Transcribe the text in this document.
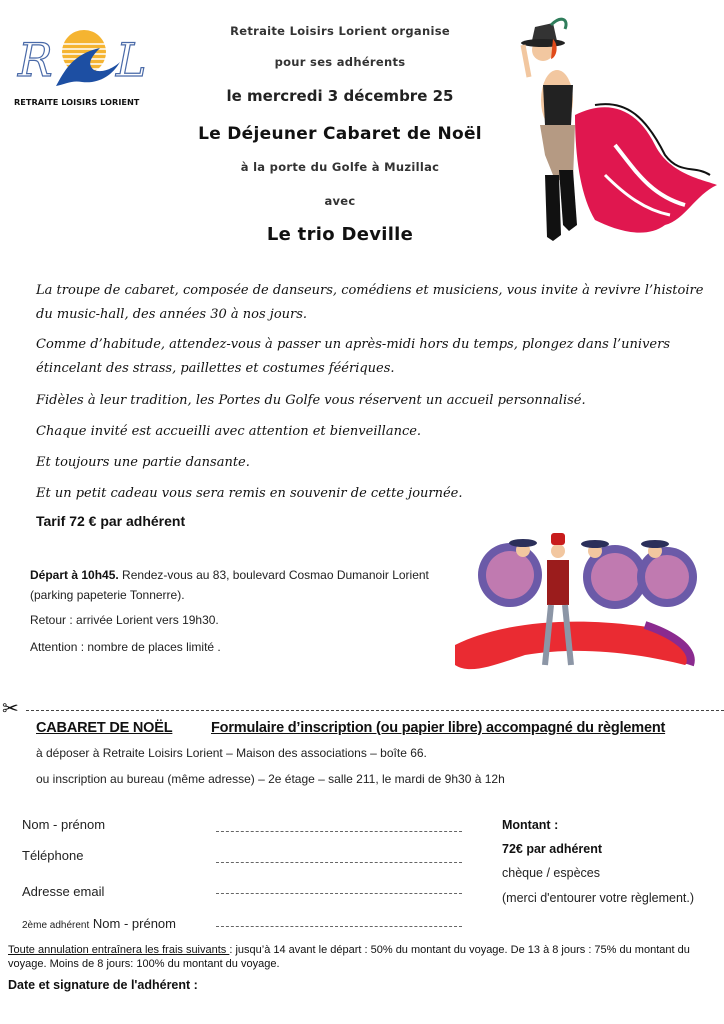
R L
RETRAITE LOISIRS LORIENT
Retraite Loisirs Lorient organise
pour ses adhérents
le mercredi 3 décembre 25
Le Déjeuner Cabaret de Noël
à la porte du Golfe à Muzillac
avec
Le trio Deville
La troupe de cabaret, composée de danseurs, comédiens et musiciens, vous invite à revivre l’histoire du music-hall, des années 30 à nos jours.
Comme d’habitude, attendez-vous à passer un après-midi hors du temps, plongez dans l’univers étincelant des strass, paillettes et costumes féériques.
Fidèles à leur tradition, les Portes du Golfe vous réservent un accueil personnalisé.
Chaque invité est accueilli avec attention et bienveillance.
Et toujours une partie dansante.
Et un petit cadeau vous sera remis en souvenir de cette journée.
Tarif 72 € par adhérent
Départ à 10h45. Rendez-vous au 83, boulevard Cosmao Dumanoir Lorient (parking papeterie Tonnerre).
Retour : arrivée Lorient vers 19h30.
Attention : nombre de places limité .
✂
CABARET DE NOËL	Formulaire d’inscription (ou papier libre) accompagné du règlement
à déposer à Retraite Loisirs Lorient – Maison des associations – boîte 66.
ou inscription au bureau (même adresse) – 2e étage – salle 211, le mardi de 9h30 à 12h
Nom - prénom
Téléphone
Adresse email
2ème adhérent Nom - prénom
Montant :
72€ par adhérent
chèque / espèces
(merci d'entourer votre règlement.)
Toute annulation entraînera les frais suivants : jusqu’à 14 avant le départ : 50% du montant du voyage. De 13 à 8 jours : 75% du montant du voyage. Moins de 8 jours: 100% du montant du voyage.
Date et signature de l'adhérent :
